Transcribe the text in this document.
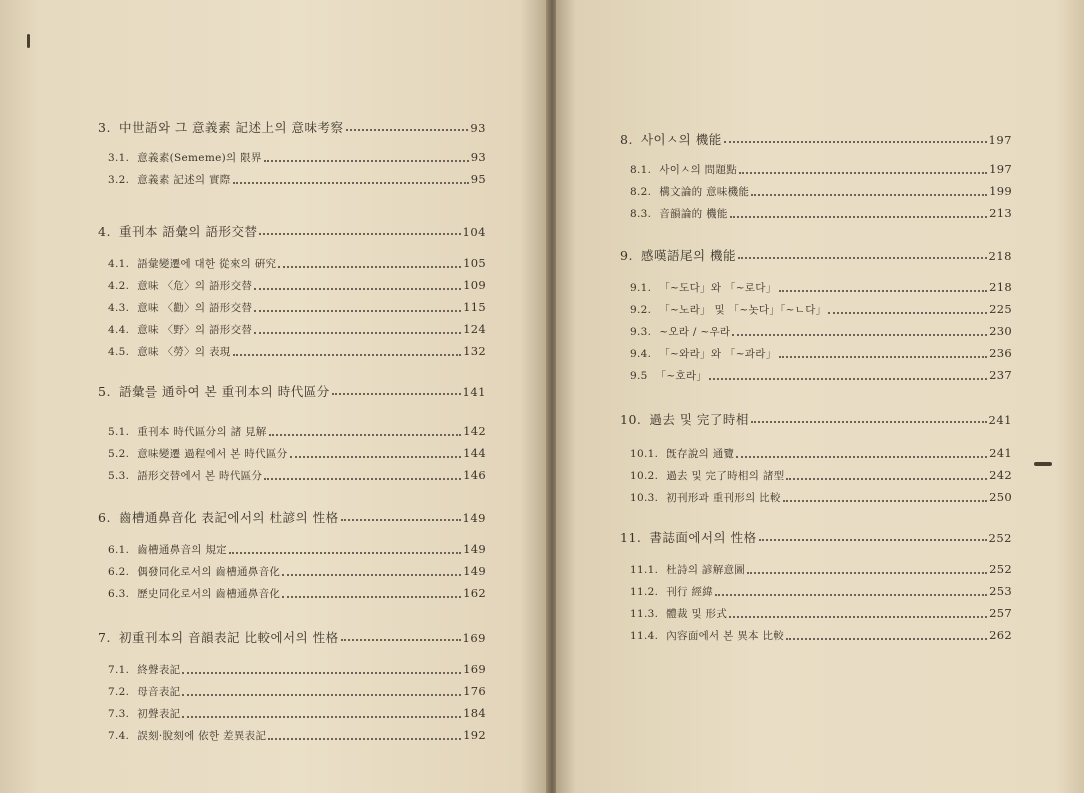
3. 中世語와 그 意義素 記述上의 意味考察	93
3.1. 意義素(Sememe)의 限界	93
3.2. 意義素 記述의 實際	95
4. 重刊本 語彙의 語形交替	104
4.1. 語彙變遷에 대한 從來의 硏究	105
4.2. 意味 〈危〉의 語形交替	109
4.3. 意味 〈勸〉의 語形交替	115
4.4. 意味 〈野〉의 語形交替	124
4.5. 意味 〈勞〉의 表現	132
5. 語彙를 通하여 본 重刊本의 時代區分	141
5.1. 重刊本 時代區分의 諸 見解	142
5.2. 意味變遷 過程에서 본 時代區分	144
5.3. 語形交替에서 본 時代區分	146
6. 齒槽通鼻音化 表記에서의 杜諺의 性格	149
6.1. 齒槽通鼻音의 規定	149
6.2. 偶發同化로서의 齒槽通鼻音化	149
6.3. 歷史同化로서의 齒槽通鼻音化	162
7. 初重刊本의 音韻表記 比較에서의 性格	169
7.1. 終聲表記	169
7.2. 母音表記	176
7.3. 初聲表記	184
7.4. 誤刻·脫刻에 依한 差異表記	192
8. 사이ㅅ의 機能	197
8.1. 사이ㅅ의 問題點	197
8.2. 構文論的 意味機能	199
8.3. 音韻論的 機能	213
9. 感嘆語尾의 機能	218
9.1. 「~도다」와 「~로다」	218
9.2. 「~노라」 및 「~놋다」「~ㄴ다」	225
9.3. ~오라 / ~우라	230
9.4. 「~와라」와 「~과라」	236
9.5 「~호라」	237
10. 過去 및 完了時相	241
10.1. 旣存說의 通覽	241
10.2. 過去 및 完了時相의 諸型	242
10.3. 初刊形과 重刊形의 比較	250
11. 書誌面에서의 性格	252
11.1. 杜詩의 諺解意圖	252
11.2. 刊行 經緯	253
11.3. 體裁 및 形式	257
11.4. 內容面에서 본 異本 比較	262
